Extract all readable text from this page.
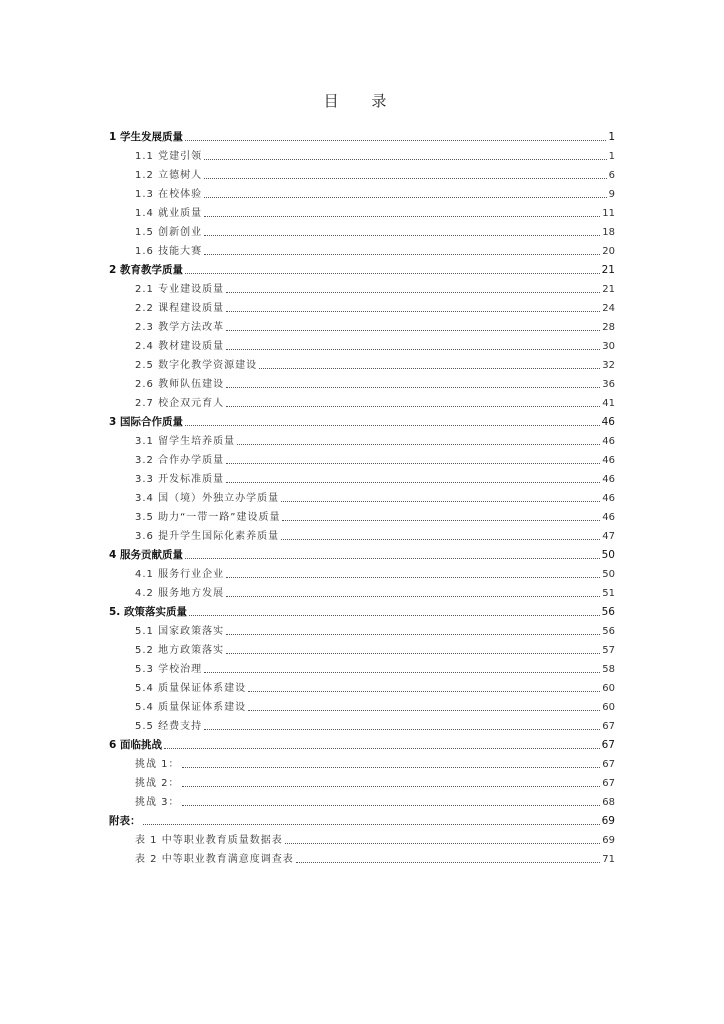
目 录
1 学生发展质量	1
1.1 党建引领	1
1.2 立德树人	6
1.3 在校体验	9
1.4 就业质量	11
1.5 创新创业	18
1.6 技能大赛	20
2 教育教学质量	21
2.1 专业建设质量	21
2.2 课程建设质量	24
2.3 教学方法改革	28
2.4 教材建设质量	30
2.5 数字化教学资源建设	32
2.6 教师队伍建设	36
2.7 校企双元育人	41
3 国际合作质量	46
3.1 留学生培养质量	46
3.2 合作办学质量	46
3.3 开发标准质量	46
3.4 国（境）外独立办学质量	46
3.5 助力“一带一路”建设质量	46
3.6 提升学生国际化素养质量	47
4 服务贡献质量	50
4.1 服务行业企业	50
4.2 服务地方发展	51
5. 政策落实质量	56
5.1 国家政策落实	56
5.2 地方政策落实	57
5.3 学校治理	58
5.4 质量保证体系建设	60
5.4 质量保证体系建设	60
5.5 经费支持	67
6 面临挑战	67
挑战 1：	67
挑战 2：	67
挑战 3：	68
附表：	69
表 1 中等职业教育质量数据表	69
表 2 中等职业教育满意度调查表	71
